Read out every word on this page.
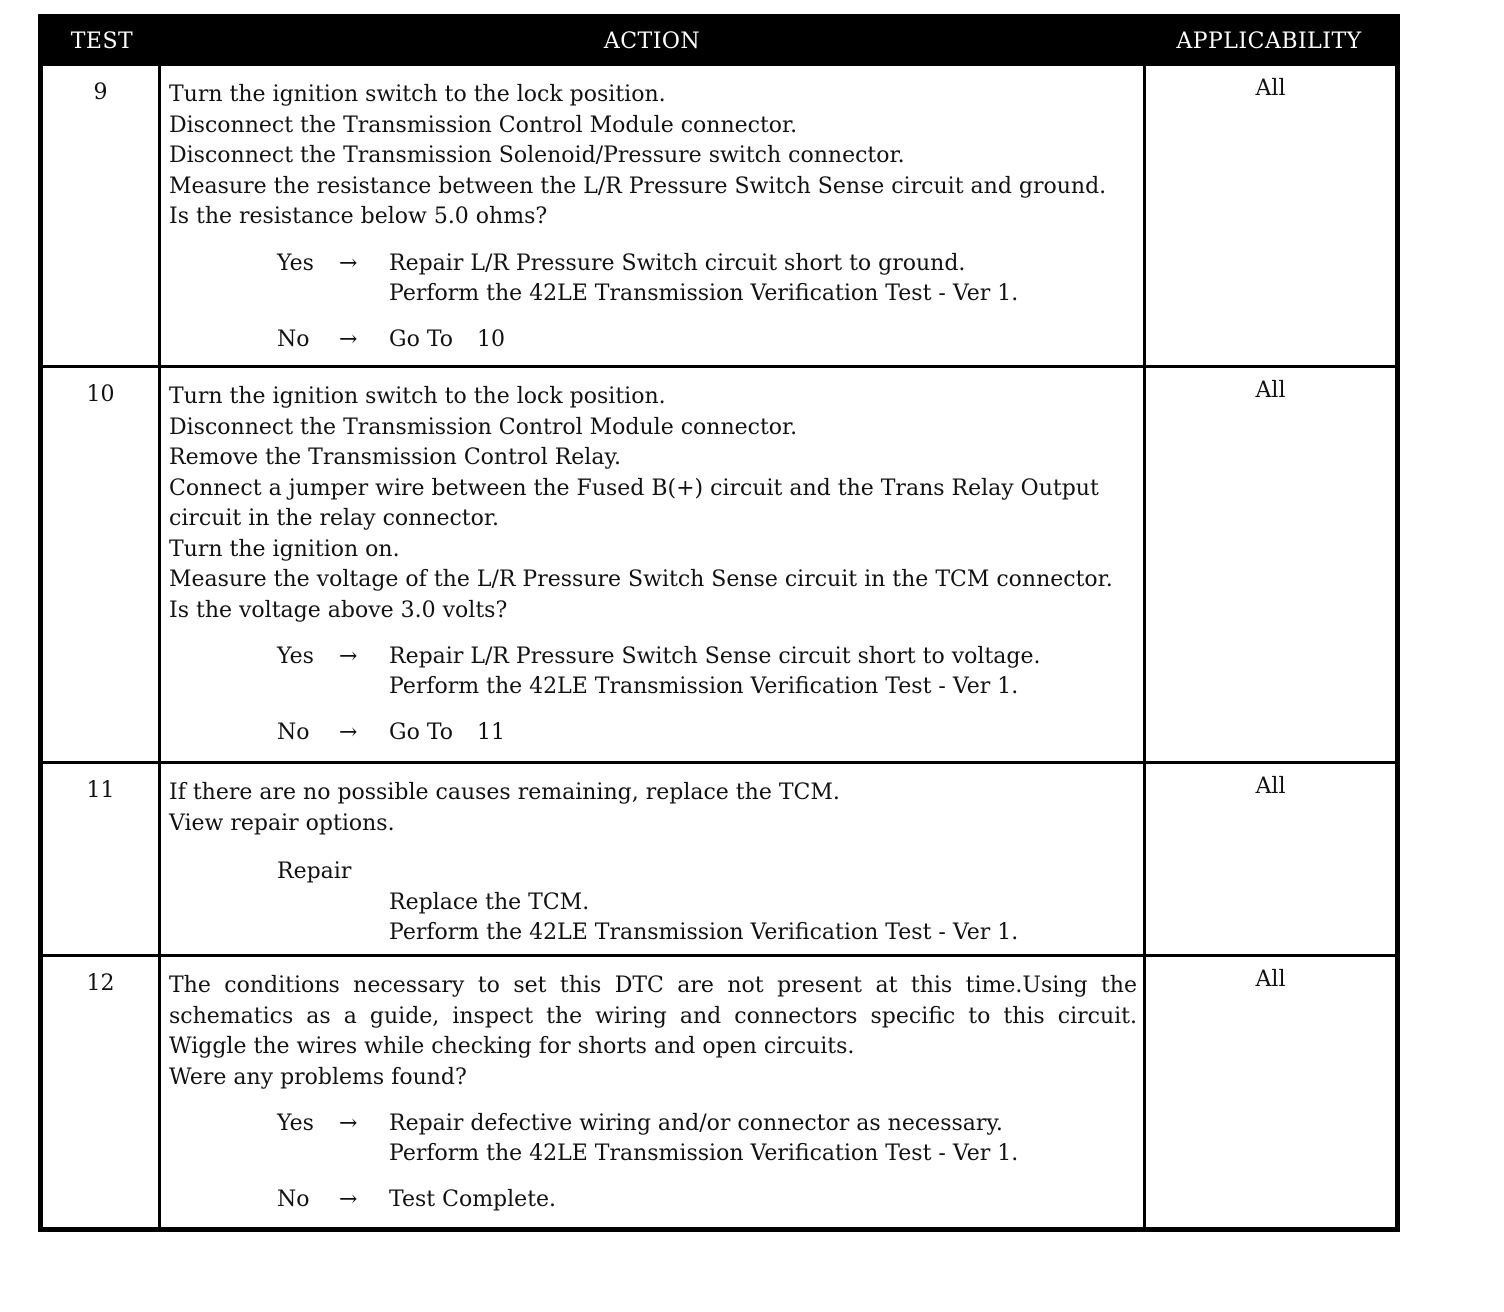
TEST	ACTION	APPLICABILITY
9	Turn the ignition switch to the lock position.
Disconnect the Transmission Control Module connector.
Disconnect the Transmission Solenoid/Pressure switch connector.
Measure the resistance between the L/R Pressure Switch Sense circuit and ground.
Is the resistance below 5.0 ohms?
Yes	→	Repair L/R Pressure Switch circuit short to ground.
Perform the 42LE Transmission Verification Test - Ver 1.
No	→	Go To 10
All
10	Turn the ignition switch to the lock position.
Disconnect the Transmission Control Module connector.
Remove the Transmission Control Relay.
Connect a jumper wire between the Fused B(+) circuit and the Trans Relay Output circuit in the relay connector.
Turn the ignition on.
Measure the voltage of the L/R Pressure Switch Sense circuit in the TCM connector.
Is the voltage above 3.0 volts?
Yes	→	Repair L/R Pressure Switch Sense circuit short to voltage.
Perform the 42LE Transmission Verification Test - Ver 1.
No	→	Go To 11
All
11	If there are no possible causes remaining, replace the TCM.
View repair options.
Repair
Replace the TCM.
Perform the 42LE Transmission Verification Test - Ver 1.
All
12	The conditions necessary to set this DTC are not present at this time.Using the schematics as a guide, inspect the wiring and connectors specific to this circuit. Wiggle the wires while checking for shorts and open circuits.
Were any problems found?
Yes	→	Repair defective wiring and/or connector as necessary.
Perform the 42LE Transmission Verification Test - Ver 1.
No	→	Test Complete.
All
